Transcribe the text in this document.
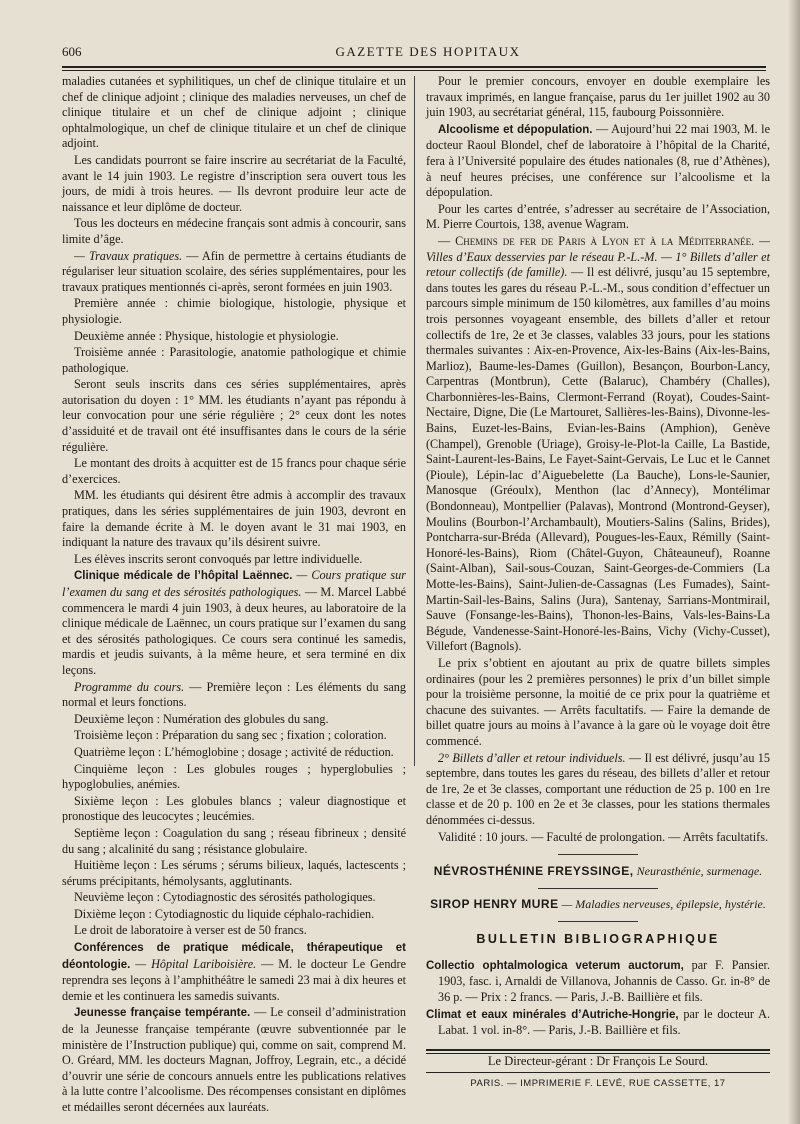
606	GAZETTE DES HOPITAUX

maladies cutanées et syphilitiques, un chef de clinique titulaire et un chef de clinique adjoint ; clinique des maladies nerveuses, un chef de clinique titulaire et un chef de clinique adjoint ; clinique ophtalmologique, un chef de clinique titulaire et un chef de clinique adjoint.

Les candidats pourront se faire inscrire au secrétariat de la Faculté, avant le 14 juin 1903. Le registre d’inscription sera ouvert tous les jours, de midi à trois heures. — Ils devront produire leur acte de naissance et leur diplôme de docteur.

Tous les docteurs en médecine français sont admis à concourir, sans limite d’âge.

— Travaux pratiques. — Afin de permettre à certains étudiants de régulariser leur situation scolaire, des séries supplémentaires, pour les travaux pratiques mentionnés ci-après, seront formées en juin 1903.

Première année : chimie biologique, histologie, physique et physiologie.

Deuxième année : Physique, histologie et physiologie.

Troisième année : Parasitologie, anatomie pathologique et chimie pathologique.

Seront seuls inscrits dans ces séries supplémentaires, après autorisation du doyen : 1° MM. les étudiants n’ayant pas répondu à leur convocation pour une série régulière ; 2° ceux dont les notes d’assiduité et de travail ont été insuffisantes dans le cours de la série régulière.

Le montant des droits à acquitter est de 15 francs pour chaque série d’exercices.

MM. les étudiants qui désirent être admis à accomplir des travaux pratiques, dans les séries supplémentaires de juin 1903, devront en faire la demande écrite à M. le doyen avant le 31 mai 1903, en indiquant la nature des travaux qu’ils désirent suivre.

Les élèves inscrits seront convoqués par lettre individuelle.

Clinique médicale de l’hôpital Laënnec. — Cours pratique sur l’examen du sang et des sérosités pathologiques. — M. Marcel Labbé commencera le mardi 4 juin 1903, à deux heures, au laboratoire de la clinique médicale de Laënnec, un cours pratique sur l’examen du sang et des sérosités pathologiques. Ce cours sera continué les samedis, mardis et jeudis suivants, à la même heure, et sera terminé en dix leçons.

Programme du cours. — Première leçon : Les éléments du sang normal et leurs fonctions.

Deuxième leçon : Numération des globules du sang.

Troisième leçon : Préparation du sang sec ; fixation ; coloration.

Quatrième leçon : L’hémoglobine ; dosage ; activité de réduction.

Cinquième leçon : Les globules rouges ; hyperglobulies ; hypoglobulies, anémies.

Sixième leçon : Les globules blancs ; valeur diagnostique et pronostique des leucocytes ; leucémies.

Septième leçon : Coagulation du sang ; réseau fibrineux ; densité du sang ; alcalinité du sang ; résistance globulaire.

Huitième leçon : Les sérums ; sérums bilieux, laqués, lactescents ; sérums précipitants, hémolysants, agglutinants.

Neuvième leçon : Cytodiagnostic des sérosités pathologiques.

Dixième leçon : Cytodiagnostic du liquide céphalo-rachidien.

Le droit de laboratoire à verser est de 50 francs.

Conférences de pratique médicale, thérapeutique et déontologie. — Hôpital Lariboisière. — M. le docteur Le Gendre reprendra ses leçons à l’amphithéâtre le samedi 23 mai à dix heures et demie et les continuera les samedis suivants.

Jeunesse française tempérante. — Le conseil d’administration de la Jeunesse française tempérante (œuvre subventionnée par le ministère de l’Instruction publique) qui, comme on sait, comprend M. O. Gréard, MM. les docteurs Magnan, Joffroy, Legrain, etc., a décidé d’ouvrir une série de concours annuels entre les publications relatives à la lutte contre l’alcoolisme. Des récompenses consistant en diplômes et médailles seront décernées aux lauréats.

Pour le premier concours, envoyer en double exemplaire les travaux imprimés, en langue française, parus du 1er juillet 1902 au 30 juin 1903, au secrétariat général, 115, faubourg Poissonnière.

Alcoolisme et dépopulation. — Aujourd’hui 22 mai 1903, M. le docteur Raoul Blondel, chef de laboratoire à l’hôpital de la Charité, fera à l’Université populaire des études nationales (8, rue d’Athènes), à neuf heures précises, une conférence sur l’alcoolisme et la dépopulation.

Pour les cartes d’entrée, s’adresser au secrétaire de l’Association, M. Pierre Courtois, 138, avenue Wagram.

— Chemins de fer de Paris à Lyon et à la Méditerranée. — Villes d’Eaux desservies par le réseau P.-L.-M. — 1° Billets d’aller et retour collectifs (de famille). — Il est délivré, jusqu’au 15 septembre, dans toutes les gares du réseau P.-L.-M., sous condition d’effectuer un parcours simple minimum de 150 kilomètres, aux familles d’au moins trois personnes voyageant ensemble, des billets d’aller et retour collectifs de 1re, 2e et 3e classes, valables 33 jours, pour les stations thermales suivantes : Aix-en-Provence, Aix-les-Bains (Aix-les-Bains, Marlioz), Baume-les-Dames (Guillon), Besançon, Bourbon-Lancy, Carpentras (Montbrun), Cette (Balaruc), Chambéry (Challes), Charbonnières-les-Bains, Clermont-Ferrand (Royat), Coudes-Saint-Nectaire, Digne, Die (Le Martouret, Sallières-les-Bains), Divonne-les-Bains, Euzet-les-Bains, Evian-les-Bains (Amphion), Genève (Champel), Grenoble (Uriage), Groisy-le-Plot-la Caille, La Bastide, Saint-Laurent-les-Bains, Le Fayet-Saint-Gervais, Le Luc et le Cannet (Pioule), Lépin-lac d’Aiguebelette (La Bauche), Lons-le-Saunier, Manosque (Gréoulx), Menthon (lac d’Annecy), Montélimar (Bondonneau), Montpellier (Palavas), Montrond (Montrond-Geyser), Moulins (Bourbon-l’Archambault), Moutiers-Salins (Salins, Brides), Pontcharra-sur-Bréda (Allevard), Pougues-les-Eaux, Rémilly (Saint-Honoré-les-Bains), Riom (Châtel-Guyon, Châteauneuf), Roanne (Saint-Alban), Sail-sous-Couzan, Saint-Georges-de-Commiers (La Motte-les-Bains), Saint-Julien-de-Cassagnas (Les Fumades), Saint-Martin-Sail-les-Bains, Salins (Jura), Santenay, Sarrians-Montmirail, Sauve (Fonsange-les-Bains), Thonon-les-Bains, Vals-les-Bains-La Bégude, Vandenesse-Saint-Honoré-les-Bains, Vichy (Vichy-Cusset), Villefort (Bagnols).

Le prix s’obtient en ajoutant au prix de quatre billets simples ordinaires (pour les 2 premières personnes) le prix d’un billet simple pour la troisième personne, la moitié de ce prix pour la quatrième et chacune des suivantes. — Arrêts facultatifs. — Faire la demande de billet quatre jours au moins à l’avance à la gare où le voyage doit être commencé.

2° Billets d’aller et retour individuels. — Il est délivré, jusqu’au 15 septembre, dans toutes les gares du réseau, des billets d’aller et retour de 1re, 2e et 3e classes, comportant une réduction de 25 p. 100 en 1re classe et de 20 p. 100 en 2e et 3e classes, pour les stations thermales dénommées ci-dessus.

Validité : 10 jours. — Faculté de prolongation. — Arrêts facultatifs.

NÉVROSTHÉNINE FREYSSINGE, Neurasthénie, surmenage.
SIROP HENRY MURE — Maladies nerveuses, épilepsie, hystérie.
BULLETIN BIBLIOGRAPHIQUE

Collectio ophtalmologica veterum auctorum, par F. Pansier. 1903, fasc. i, Arnaldi de Villanova, Johannis de Casso. Gr. in-8° de 36 p. — Prix : 2 francs. — Paris, J.-B. Baillière et fils.

Climat et eaux minérales d’Autriche-Hongrie, par le docteur A. Labat. 1 vol. in-8°. — Paris, J.-B. Baillière et fils.

Le Directeur-gérant : Dr François Le Sourd.
PARIS. — IMPRIMERIE F. LEVÉ, RUE CASSETTE, 17
